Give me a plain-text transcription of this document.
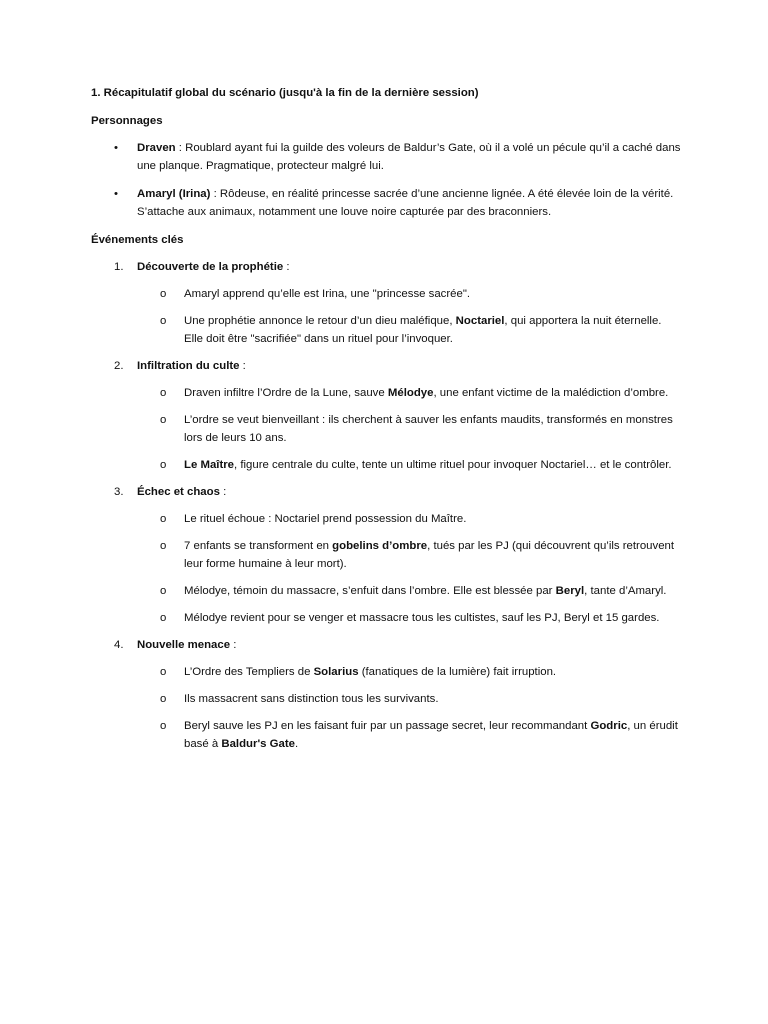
1. Récapitulatif global du scénario (jusqu'à la fin de la dernière session)
Personnages
• Draven : Roublard ayant fui la guilde des voleurs de Baldur’s Gate, où il a volé un pécule qu’il a caché dans une planque. Pragmatique, protecteur malgré lui.
• Amaryl (Irina) : Rôdeuse, en réalité princesse sacrée d’une ancienne lignée. A été élevée loin de la vérité. S’attache aux animaux, notamment une louve noire capturée par des braconniers.
Événements clés
1. Découverte de la prophétie :
o Amaryl apprend qu’elle est Irina, une "princesse sacrée".
o Une prophétie annonce le retour d’un dieu maléfique, Noctariel, qui apportera la nuit éternelle. Elle doit être "sacrifiée" dans un rituel pour l’invoquer.
2. Infiltration du culte :
o Draven infiltre l’Ordre de la Lune, sauve Mélodye, une enfant victime de la malédiction d’ombre.
o L’ordre se veut bienveillant : ils cherchent à sauver les enfants maudits, transformés en monstres lors de leurs 10 ans.
o Le Maître, figure centrale du culte, tente un ultime rituel pour invoquer Noctariel… et le contrôler.
3. Échec et chaos :
o Le rituel échoue : Noctariel prend possession du Maître.
o 7 enfants se transforment en gobelins d’ombre, tués par les PJ (qui découvrent qu’ils retrouvent leur forme humaine à leur mort).
o Mélodye, témoin du massacre, s’enfuit dans l’ombre. Elle est blessée par Beryl, tante d’Amaryl.
o Mélodye revient pour se venger et massacre tous les cultistes, sauf les PJ, Beryl et 15 gardes.
4. Nouvelle menace :
o L’Ordre des Templiers de Solarius (fanatiques de la lumière) fait irruption.
o Ils massacrent sans distinction tous les survivants.
o Beryl sauve les PJ en les faisant fuir par un passage secret, leur recommandant Godric, un érudit basé à Baldur's Gate.
